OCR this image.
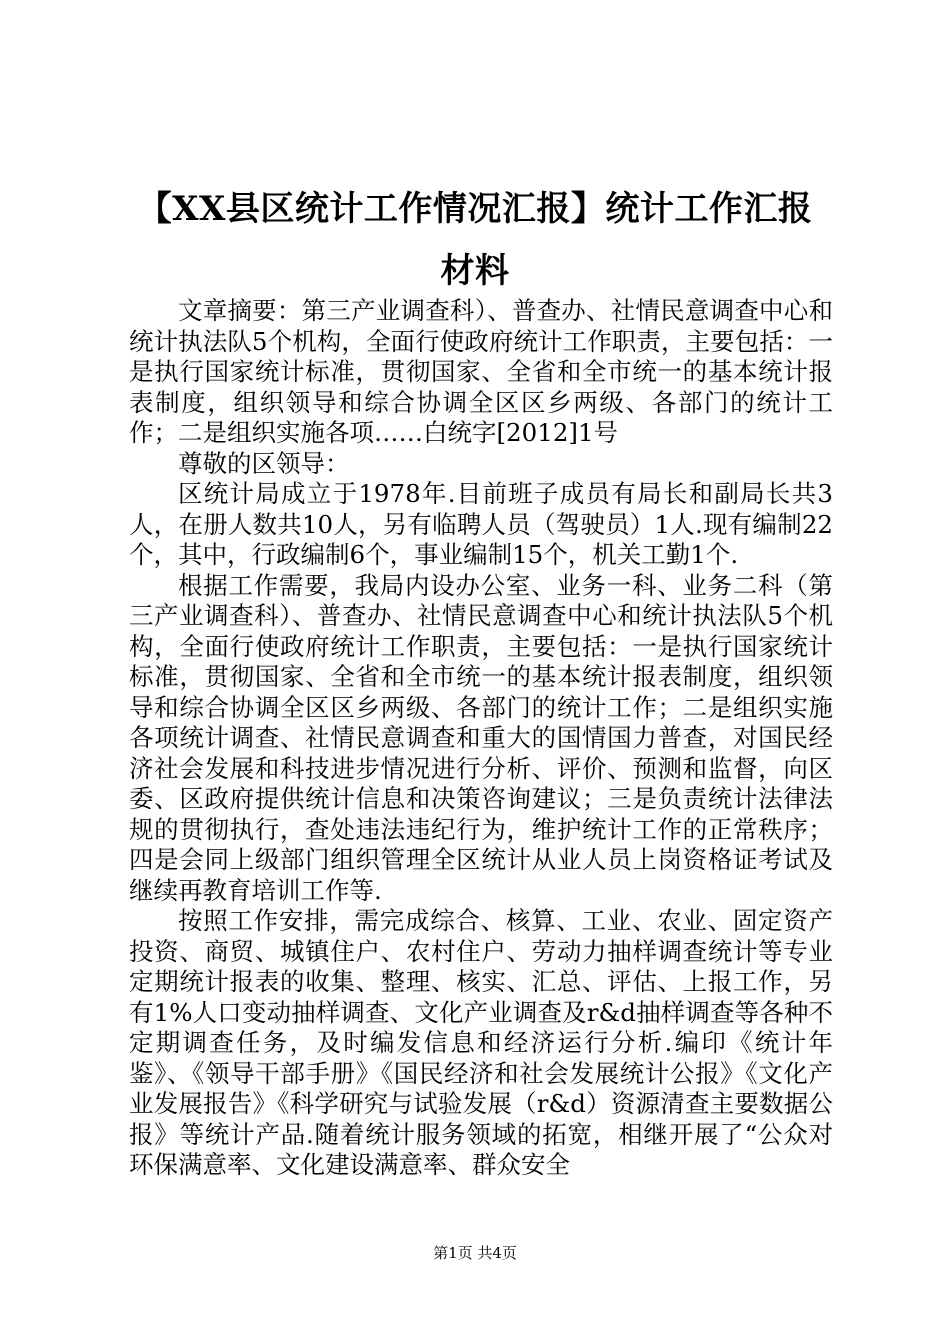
【XX县区统计工作情况汇报】统计工作汇报
材料

文章摘要：第三产业调查科）、普查办、社情民意调查中心和统计执法队5个机构，全面行使政府统计工作职责，主要包括：一是执行国家统计标准，贯彻国家、全省和全市统一的基本统计报表制度，组织领导和综合协调全区区乡两级、各部门的统计工作；二是组织实施各项……白统字[2012]1号

尊敬的区领导：

区统计局成立于1978年.目前班子成员有局长和副局长共3人，在册人数共10人，另有临聘人员（驾驶员）1人.现有编制22个，其中，行政编制6个，事业编制15个，机关工勤1个.

根据工作需要，我局内设办公室、业务一科、业务二科（第三产业调查科）、普查办、社情民意调查中心和统计执法队5个机构，全面行使政府统计工作职责，主要包括：一是执行国家统计标准，贯彻国家、全省和全市统一的基本统计报表制度，组织领导和综合协调全区区乡两级、各部门的统计工作；二是组织实施各项统计调查、社情民意调查和重大的国情国力普查，对国民经济社会发展和科技进步情况进行分析、评价、预测和监督，向区委、区政府提供统计信息和决策咨询建议；三是负责统计法律法规的贯彻执行，查处违法违纪行为，维护统计工作的正常秩序；四是会同上级部门组织管理全区统计从业人员上岗资格证考试及继续再教育培训工作等.

按照工作安排，需完成综合、核算、工业、农业、固定资产投资、商贸、城镇住户、农村住户、劳动力抽样调查统计等专业定期统计报表的收集、整理、核实、汇总、评估、上报工作，另有1%人口变动抽样调查、文化产业调查及r&d抽样调查等各种不定期调查任务，及时编发信息和经济运行分析.编印《统计年鉴》、《领导干部手册》《国民经济和社会发展统计公报》《文化产业发展报告》《科学研究与试验发展（r&d）资源清查主要数据公报》等统计产品.随着统计服务领域的拓宽，相继开展了“公众对环保满意率、文化建设满意率、群众安全

第1页 共4页
